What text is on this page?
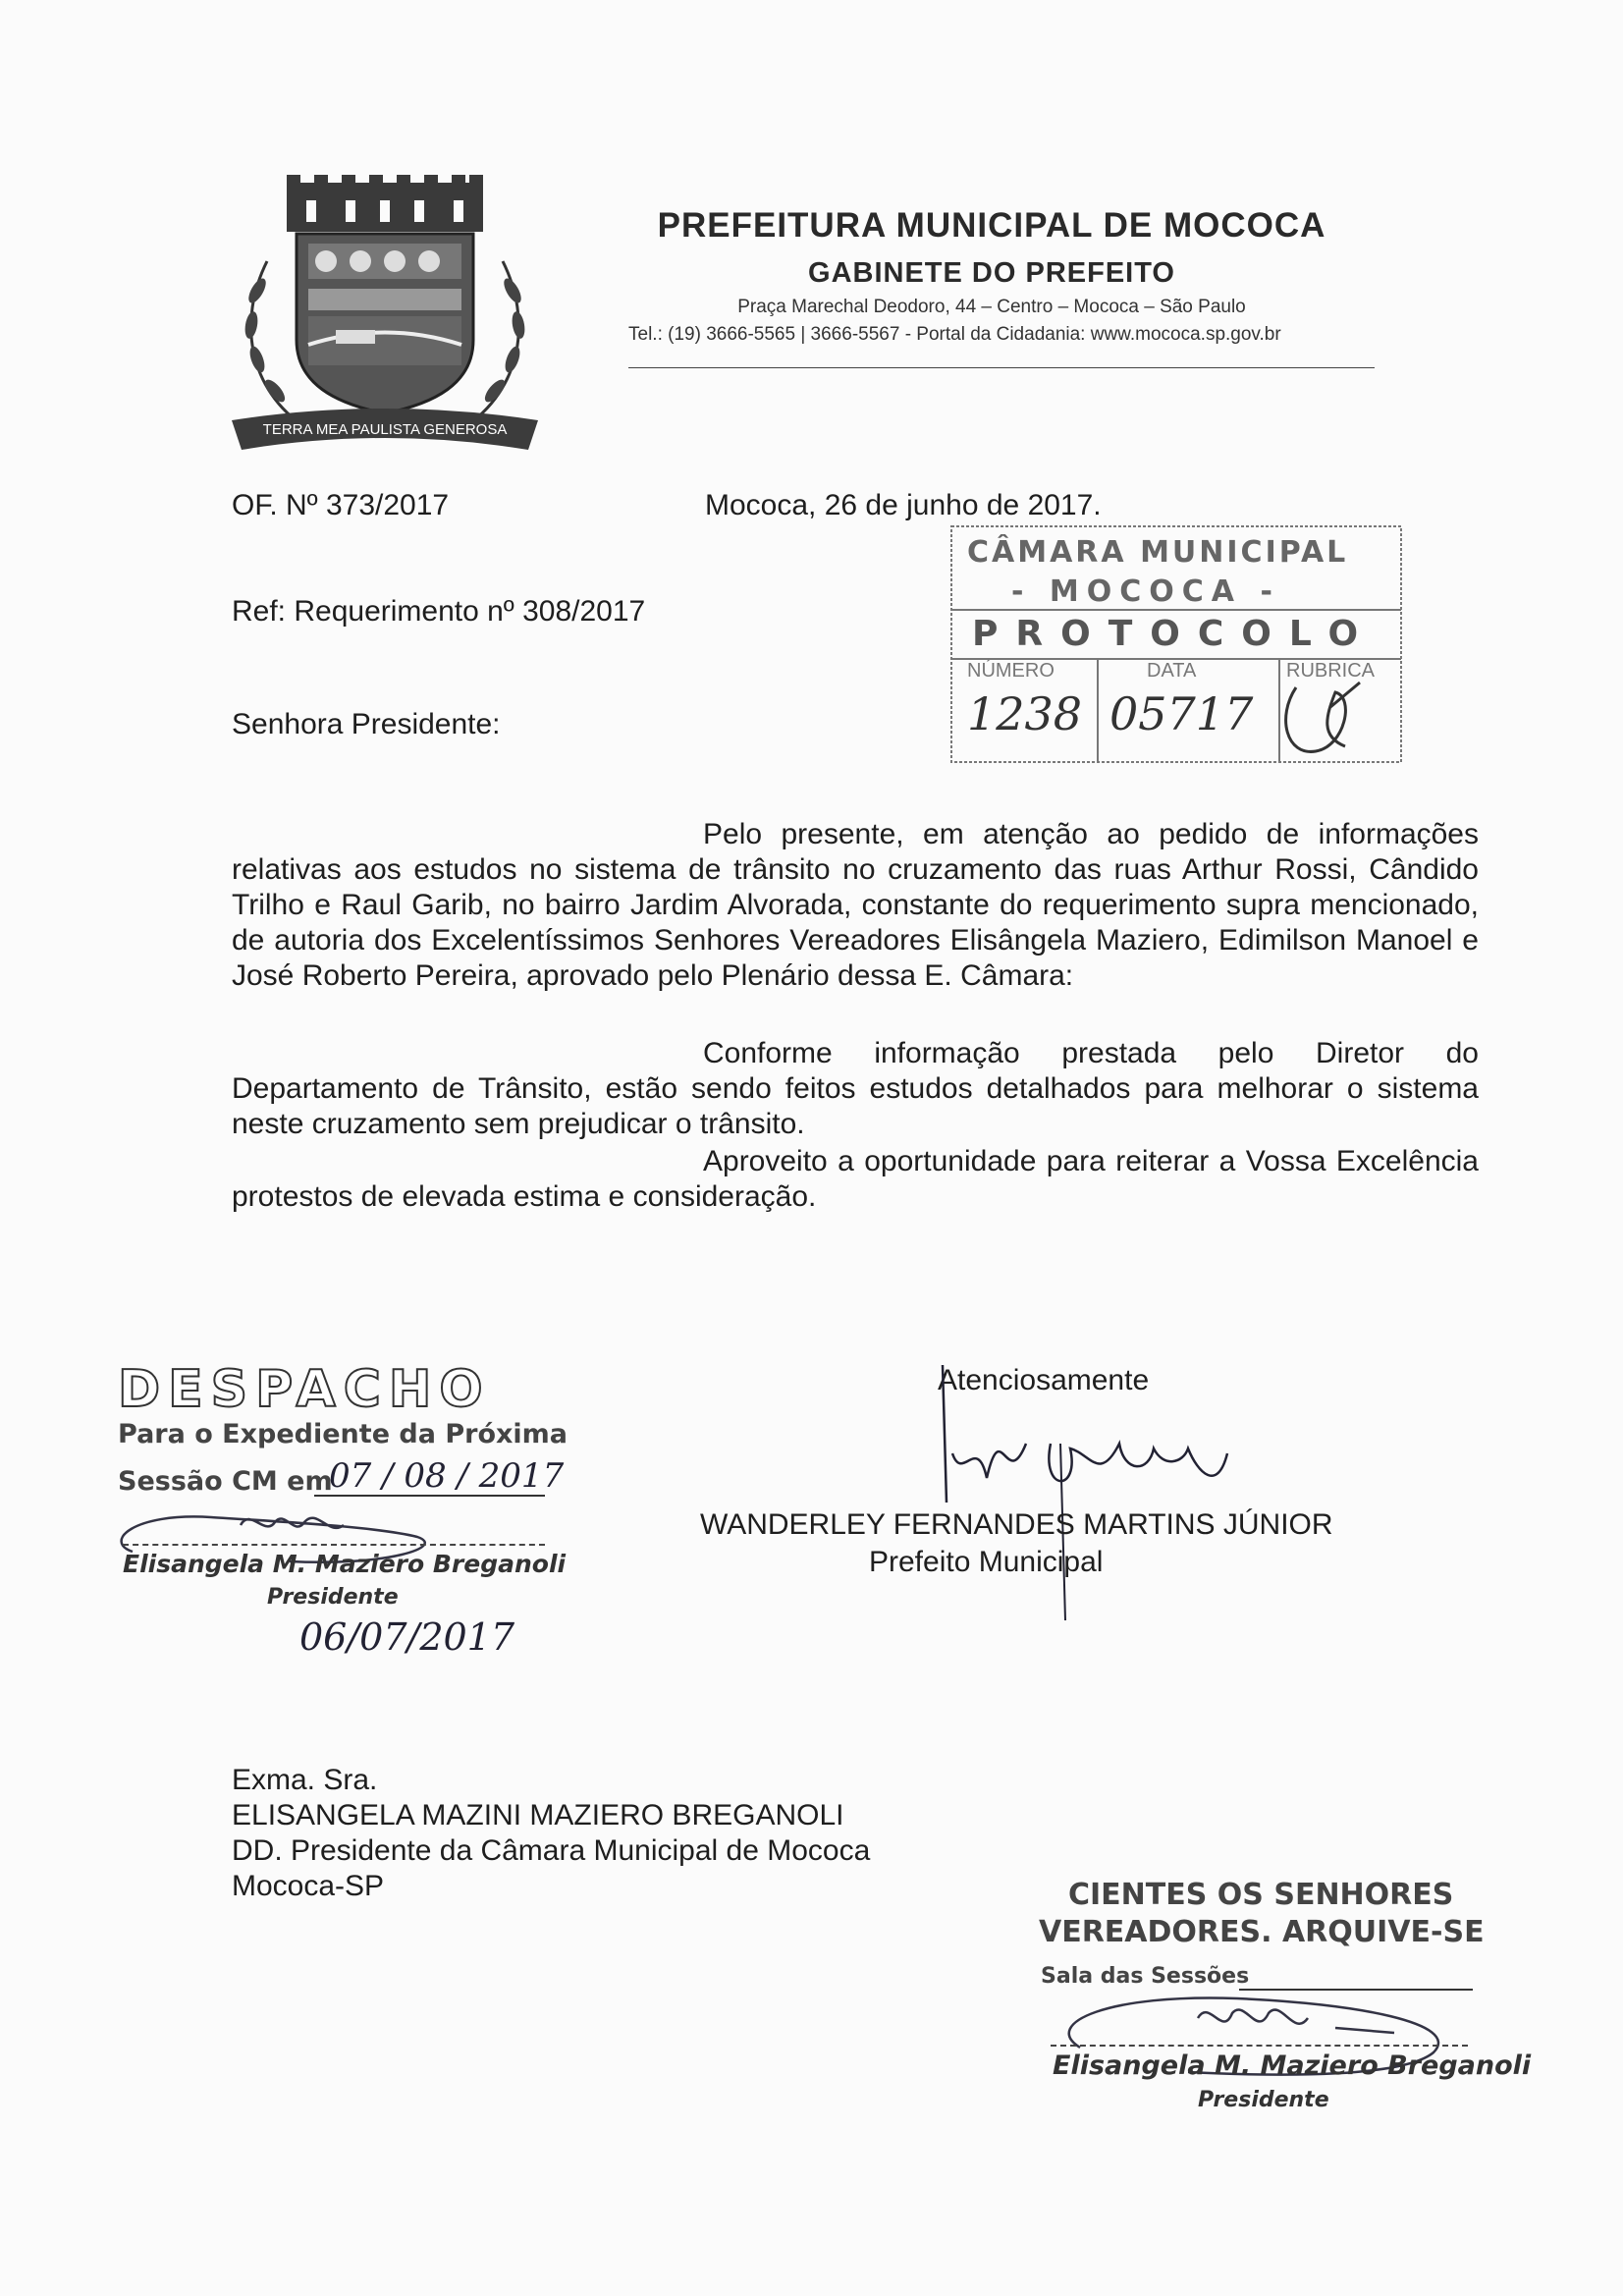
TERRA MEA PAULISTA GENEROSA
PREFEITURA MUNICIPAL DE MOCOCA
GABINETE DO PREFEITO
Praça Marechal Deodoro, 44 – Centro – Mococa – São Paulo
Tel.: (19) 3666-5565 | 3666-5567 - Portal da Cidadania: www.mococa.sp.gov.br
OF. Nº 373/2017	Mococa, 26 de junho de 2017.
Ref: Requerimento nº 308/2017
Senhora Presidente:
CÂMARA MUNICIPAL
- MOCOCA -
PROTOCOLO
NÚMERO	DATA	RUBRICA
1238 05717
Pelo presente, em atenção ao pedido de informações relativas aos estudos no sistema de trânsito no cruzamento das ruas Arthur Rossi, Cândido Trilho e Raul Garib, no bairro Jardim Alvorada, constante do requerimento supra mencionado, de autoria dos Excelentíssimos Senhores Vereadores Elisângela Maziero, Edimilson Manoel e José Roberto Pereira, aprovado pelo Plenário dessa E. Câmara:
Conforme informação prestada pelo Diretor do Departamento de Trânsito, estão sendo feitos estudos detalhados para melhorar o sistema neste cruzamento sem prejudicar o trânsito.
Aproveito a oportunidade para reiterar a Vossa Excelência protestos de elevada estima e consideração.
DESPACHO
Para o Expediente da Próxima
Sessão CM em
07 / 08 / 2017
Elisangela M. Maziero Breganoli
Presidente
06/07/2017
Atenciosamente
WANDERLEY FERNANDES MARTINS JÚNIOR
Prefeito Municipal
Exma. Sra.
ELISANGELA MAZINI MAZIERO BREGANOLI
DD. Presidente da Câmara Municipal de Mococa
Mococa-SP	CIENTES OS SENHORES
VEREADORES. ARQUIVE-SE
Sala das Sessões
Elisangela M. Maziero Breganoli
Presidente
